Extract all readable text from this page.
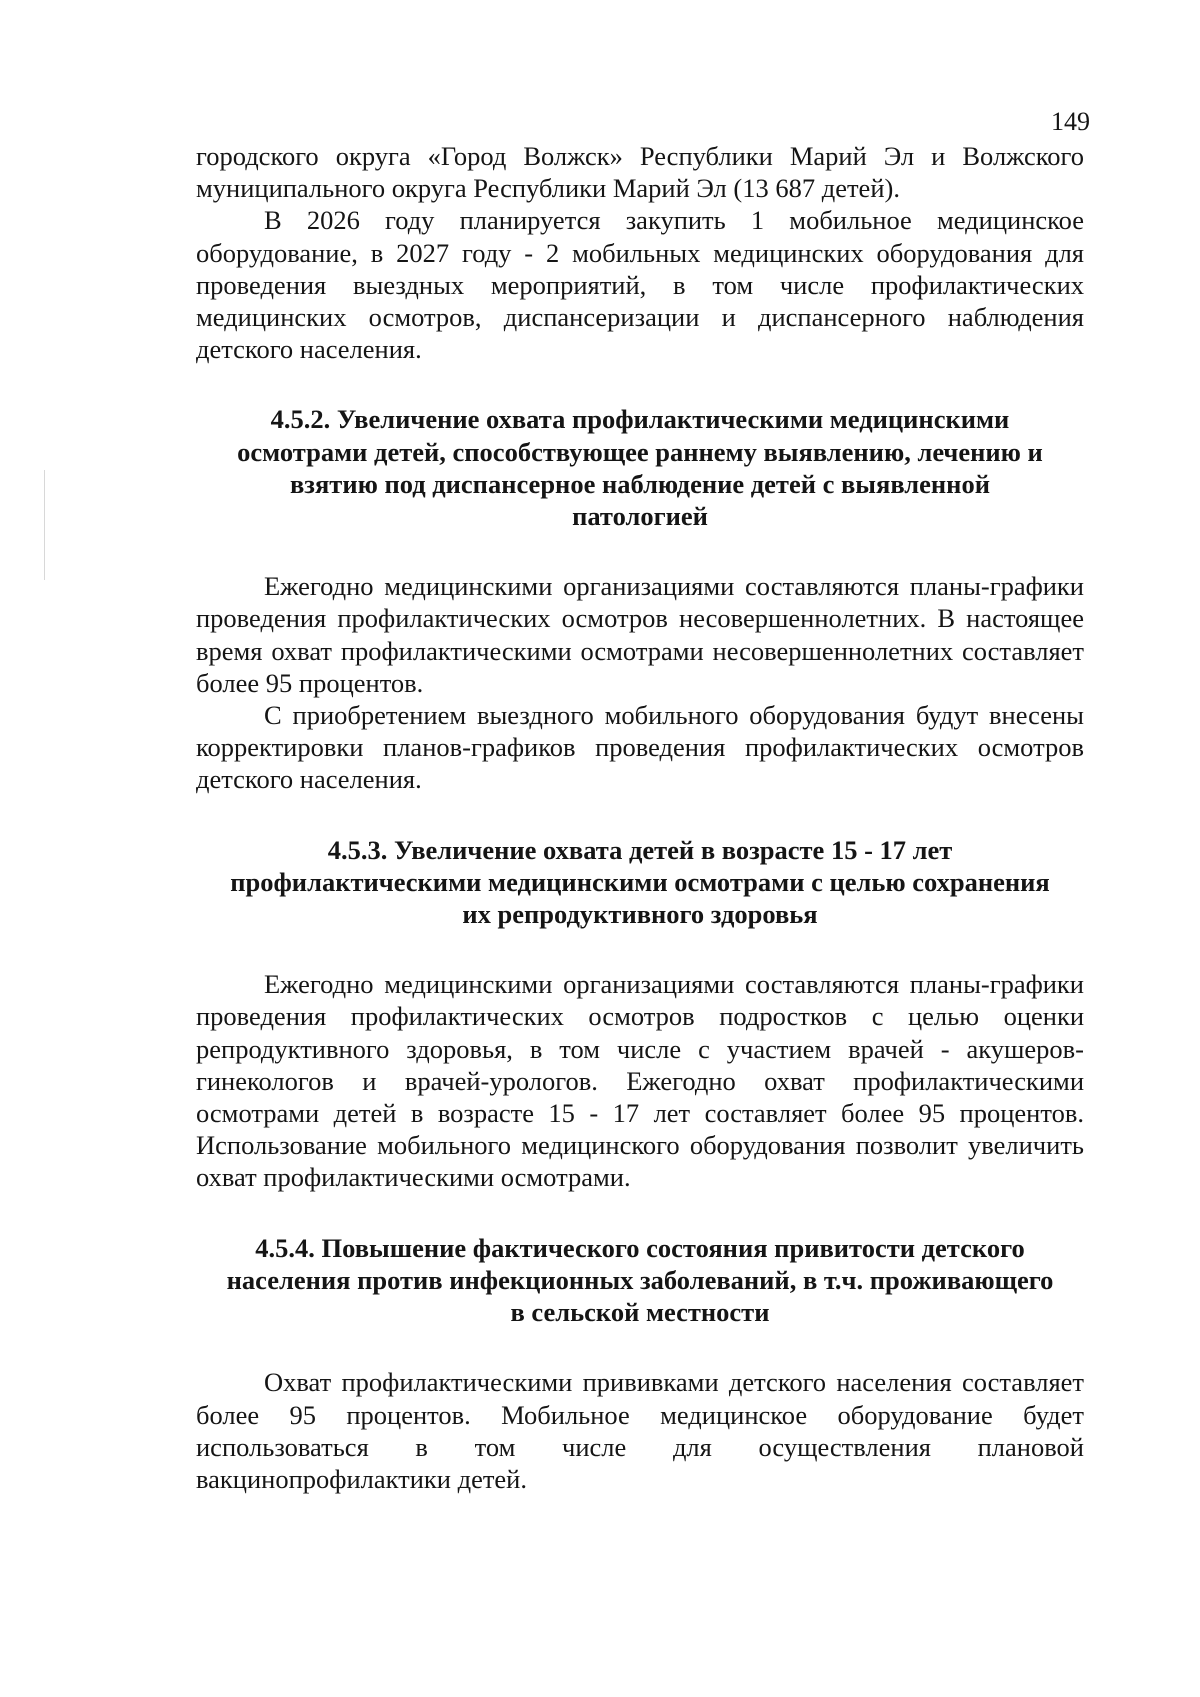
149

городского округа «Город Волжск» Республики Марий Эл и Волжского муниципального округа Республики Марий Эл (13 687 детей).

В 2026 году планируется закупить 1 мобильное медицинское оборудование, в 2027 году - 2 мобильных медицинских оборудования для проведения выездных мероприятий, в том числе профилактических медицинских осмотров, диспансеризации и диспансерного наблюдения детского населения.

4.5.2. Увеличение охвата профилактическими медицинскими
осмотрами детей, способствующее раннему выявлению, лечению и
взятию под диспансерное наблюдение детей с выявленной
патологией

Ежегодно медицинскими организациями составляются планы-графики проведения профилактических осмотров несовершеннолетних. В настоящее время охват профилактическими осмотрами несовершеннолетних составляет более 95 процентов.

С приобретением выездного мобильного оборудования будут внесены корректировки планов-графиков проведения профилактических осмотров детского населения.

4.5.3. Увеличение охвата детей в возрасте 15 - 17 лет
профилактическими медицинскими осмотрами с целью сохранения
их репродуктивного здоровья

Ежегодно медицинскими организациями составляются планы-графики проведения профилактических осмотров подростков с целью оценки репродуктивного здоровья, в том числе с участием врачей - акушеров-гинекологов и врачей-урологов. Ежегодно охват профилактическими осмотрами детей в возрасте 15 - 17 лет составляет более 95 процентов. Использование мобильного медицинского оборудования позволит увеличить охват профилактическими осмотрами.

4.5.4. Повышение фактического состояния привитости детского
населения против инфекционных заболеваний, в т.ч. проживающего
в сельской местности

Охват профилактическими прививками детского населения составляет более 95 процентов. Мобильное медицинское оборудование будет использоваться в том числе для осуществления плановой вакцинопрофилактики детей.
